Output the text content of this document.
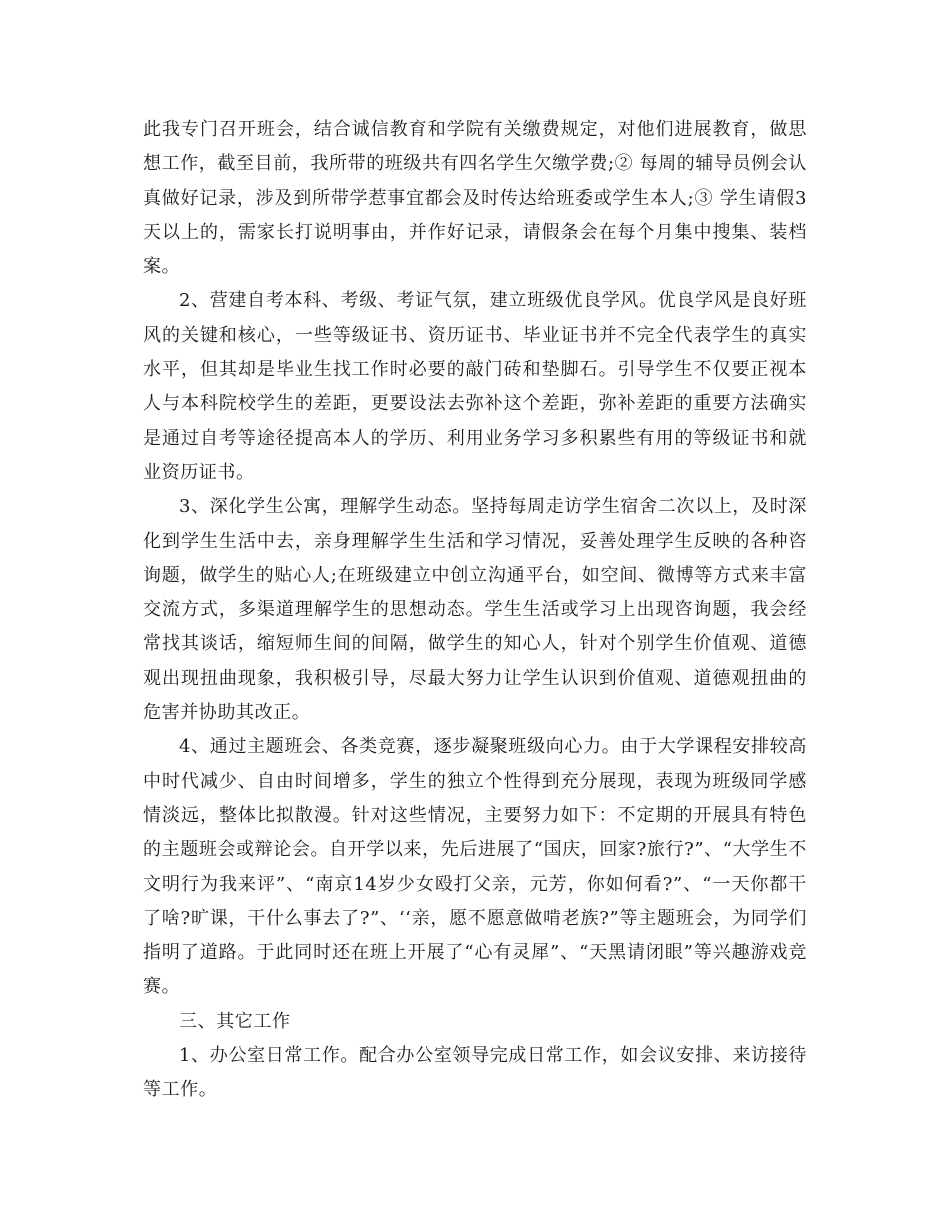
此我专门召开班会，结合诚信教育和学院有关缴费规定，对他们进展教育，做思想工作，截至目前，我所带的班级共有四名学生欠缴学费;② 每周的辅导员例会认真做好记录，涉及到所带学惹事宜都会及时传达给班委或学生本人;③ 学生请假3天以上的，需家长打说明事由，并作好记录，请假条会在每个月集中搜集、装档案。

2、营建自考本科、考级、考证气氛，建立班级优良学风。优良学风是良好班风的关键和核心，一些等级证书、资历证书、毕业证书并不完全代表学生的真实水平，但其却是毕业生找工作时必要的敲门砖和垫脚石。引导学生不仅要正视本人与本科院校学生的差距，更要设法去弥补这个差距，弥补差距的重要方法确实是通过自考等途径提高本人的学历、利用业务学习多积累些有用的等级证书和就业资历证书。

3、深化学生公寓，理解学生动态。坚持每周走访学生宿舍二次以上，及时深化到学生生活中去，亲身理解学生生活和学习情况，妥善处理学生反映的各种咨询题，做学生的贴心人;在班级建立中创立沟通平台，如空间、微博等方式来丰富交流方式，多渠道理解学生的思想动态。学生生活或学习上出现咨询题，我会经常找其谈话，缩短师生间的间隔，做学生的知心人，针对个别学生价值观、道德观出现扭曲现象，我积极引导，尽最大努力让学生认识到价值观、道德观扭曲的危害并协助其改正。

4、通过主题班会、各类竞赛，逐步凝聚班级向心力。由于大学课程安排较高中时代减少、自由时间增多，学生的独立个性得到充分展现，表现为班级同学感情淡远，整体比拟散漫。针对这些情况，主要努力如下：不定期的开展具有特色的主题班会或辩论会。自开学以来，先后进展了“国庆，回家?旅行?”、“大学生不文明行为我来评”、“南京14岁少女殴打父亲，元芳，你如何看?”、“一天你都干了啥?旷课，干什么事去了?”、‘‘亲，愿不愿意做啃老族?”等主题班会，为同学们指明了道路。于此同时还在班上开展了“心有灵犀”、“天黑请闭眼”等兴趣游戏竞赛。

三、其它工作

1、办公室日常工作。配合办公室领导完成日常工作，如会议安排、来访接待等工作。
